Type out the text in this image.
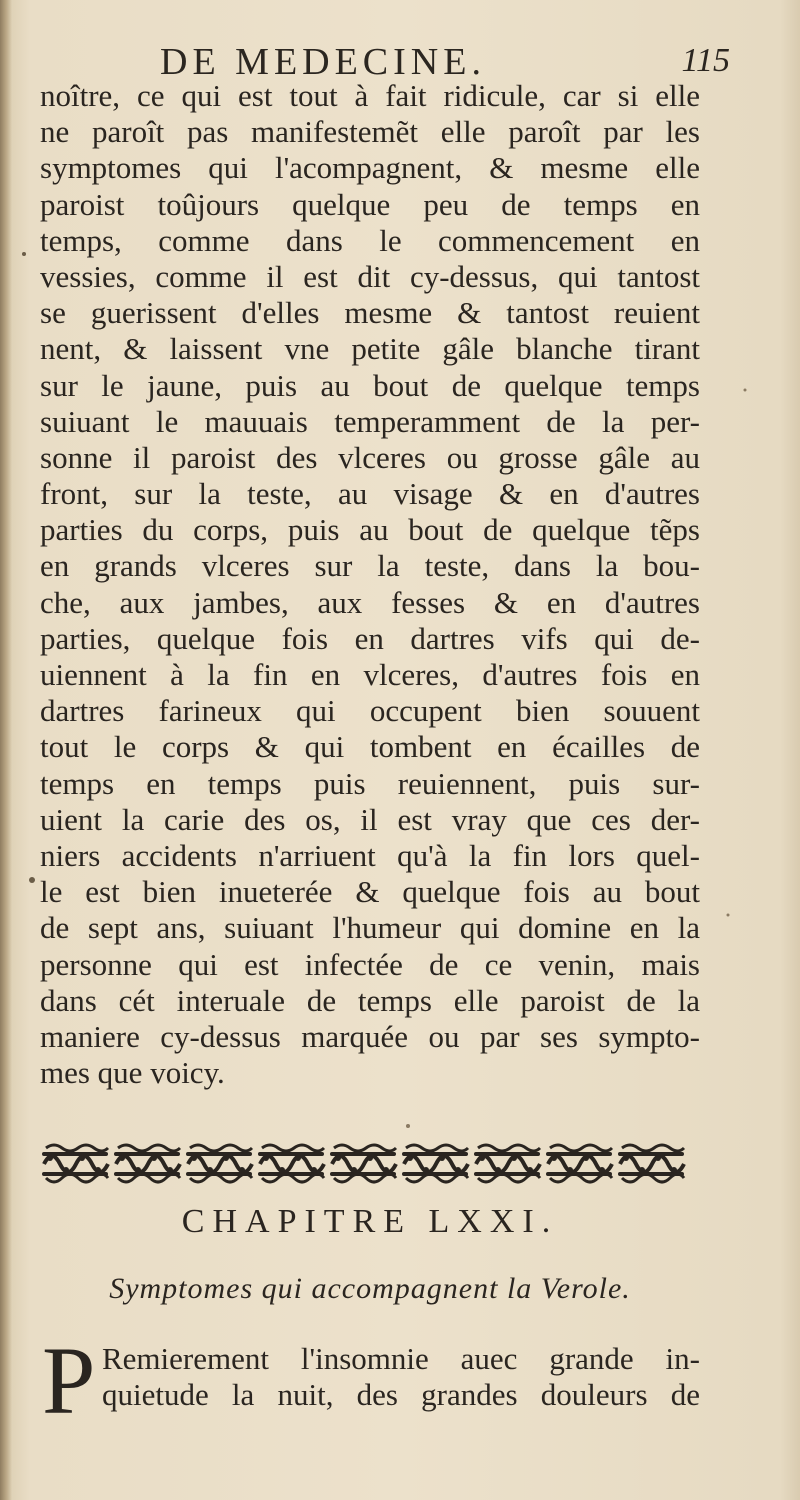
DE MEDECINE.	115
noître, ce qui est tout à fait ridicule, car si elle
ne paroît pas manifestemẽt elle paroît par les
symptomes qui l'acompagnent, & mesme elle
paroist toûjours quelque peu de temps en
temps, comme dans le commencement en
vessies, comme il est dit cy-dessus, qui tantost
se guerissent d'elles mesme & tantost reuient
nent, & laissent vne petite gâle blanche tirant
sur le jaune, puis au bout de quelque temps
suiuant le mauuais temperamment de la per-
sonne il paroist des vlceres ou grosse gâle au
front, sur la teste, au visage & en d'autres
parties du corps, puis au bout de quelque tẽps
en grands vlceres sur la teste, dans la bou-
che, aux jambes, aux fesses & en d'autres
parties, quelque fois en dartres vifs qui de-
uiennent à la fin en vlceres, d'autres fois en
dartres farineux qui occupent bien souuent
tout le corps & qui tombent en écailles de
temps en temps puis reuiennent, puis sur-
uient la carie des os, il est vray que ces der-
niers accidents n'arriuent qu'à la fin lors quel-
le est bien inueterée & quelque fois au bout
de sept ans, suiuant l'humeur qui domine en la
personne qui est infectée de ce venin, mais
dans cét interuale de temps elle paroist de la
maniere cy-dessus marquée ou par ses sympto-
mes que voicy.
CHAPITRE LXXI.
Symptomes qui accompagnent la Verole.
P Remierement l'insomnie auec grande in-
quietude la nuit, des grandes douleurs de
